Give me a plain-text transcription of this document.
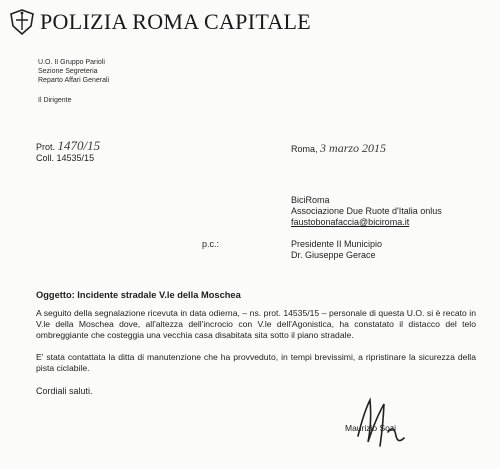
POLIZIA ROMA CAPITALE
U.O. II Gruppo Parioli
Sezione Segreteria
Reparto Affari Generali
Il Dirigente
Prot. 1470/15
Coll. 14535/15
Roma, 3 marzo 2015
BiciRoma
Associazione Due Ruote d'Italia onlus
faustobonafaccia@biciroma.it
p.c.:	Presidente II Municipio
Dr. Giuseppe Gerace
Oggetto: Incidente stradale V.le della Moschea
A seguito della segnalazione ricevuta in data odierna, – ns. prot. 14535/15 – personale di questa U.O. si è recato in V.le della Moschea dove, all'altezza dell'incrocio con V.le dell'Agonistica, ha constatato il distacco del telo ombreggiante che costeggia una vecchia casa disabitata sita sotto il piano stradale.
E' stata contattata la ditta di manutenzione che ha provveduto, in tempi brevissimi, a ripristinare la sicurezza della pista ciclabile.
Cordiali saluti.
Maurizio Sozi
